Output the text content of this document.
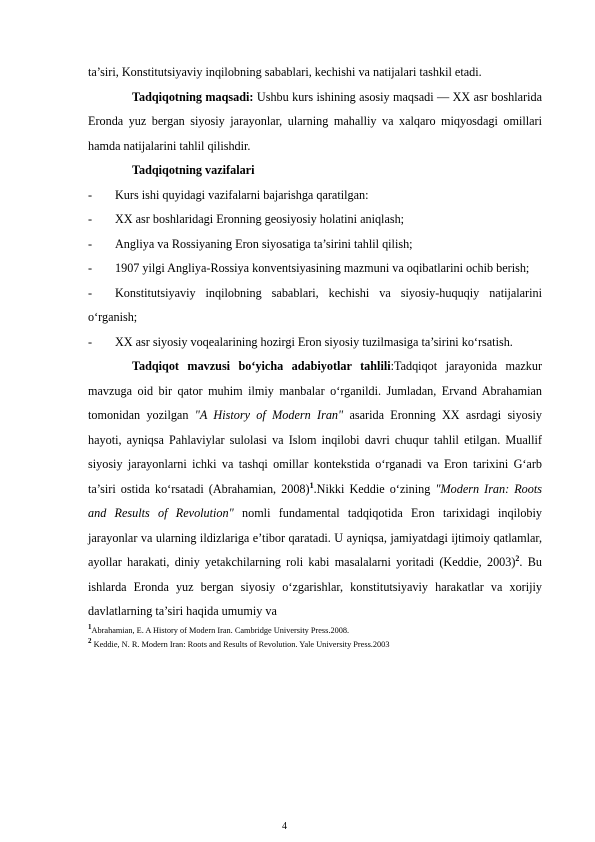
ta’siri, Konstitutsiyaviy inqilobning sabablari, kechishi va natijalari tashkil etadi.

Tadqiqotning maqsadi: Ushbu kurs ishining asosiy maqsadi — XX asr boshlarida Eronda yuz bergan siyosiy jarayonlar, ularning mahalliy va xalqaro miqyosdagi omillari hamda natijalarini tahlil qilishdir.

Tadqiqotning vazifalari

- Kurs ishi quyidagi vazifalarni bajarishga qaratilgan:
- XX asr boshlaridagi Eronning geosiyosiy holatini aniqlash;
- Angliya va Rossiyaning Eron siyosatiga ta’sirini tahlil qilish;
- 1907 yilgi Angliya-Rossiya konventsiyasining mazmuni va oqibatlarini ochib berish;
- Konstitutsiyaviy inqilobning sabablari, kechishi va siyosiy-huquqiy natijalarini o‘rganish;
- XX asr siyosiy voqealarining hozirgi Eron siyosiy tuzilmasiga ta’sirini ko‘rsatish.

Tadqiqot mavzusi bo‘yicha adabiyotlar tahlili:Tadqiqot jarayonida mazkur mavzuga oid bir qator muhim ilmiy manbalar o‘rganildi. Jumladan, Ervand Abrahamian tomonidan yozilgan "A History of Modern Iran" asarida Eronning XX asrdagi siyosiy hayoti, ayniqsa Pahlaviylar sulolasi va Islom inqilobi davri chuqur tahlil etilgan. Muallif siyosiy jarayonlarni ichki va tashqi omillar kontekstida o‘rganadi va Eron tarixini G‘arb ta’siri ostida ko‘rsatadi (Abrahamian, 2008)$^1$.Nikki Keddie o‘zining "Modern Iran: Roots and Results of Revolution" nomli fundamental tadqiqotida Eron tarixidagi inqilobiy jarayonlar va ularning ildizlariga e’tibor qaratadi. U ayniqsa, jamiyatdagi ijtimoiy qatlamlar, ayollar harakati, diniy yetakchilarning roli kabi masalalarni yoritadi (Keddie, 2003)$^2$. Bu ishlarda Eronda yuz bergan siyosiy o‘zgarishlar, konstitutsiyaviy harakatlar va xorijiy davlatlarning ta’siri haqida umumiy va

$^1$Abrahamian, E. A History of Modern Iran. Cambridge University Press.2008.

$^2$ Keddie, N. R. Modern Iran: Roots and Results of Revolution. Yale University Press.2003

4
